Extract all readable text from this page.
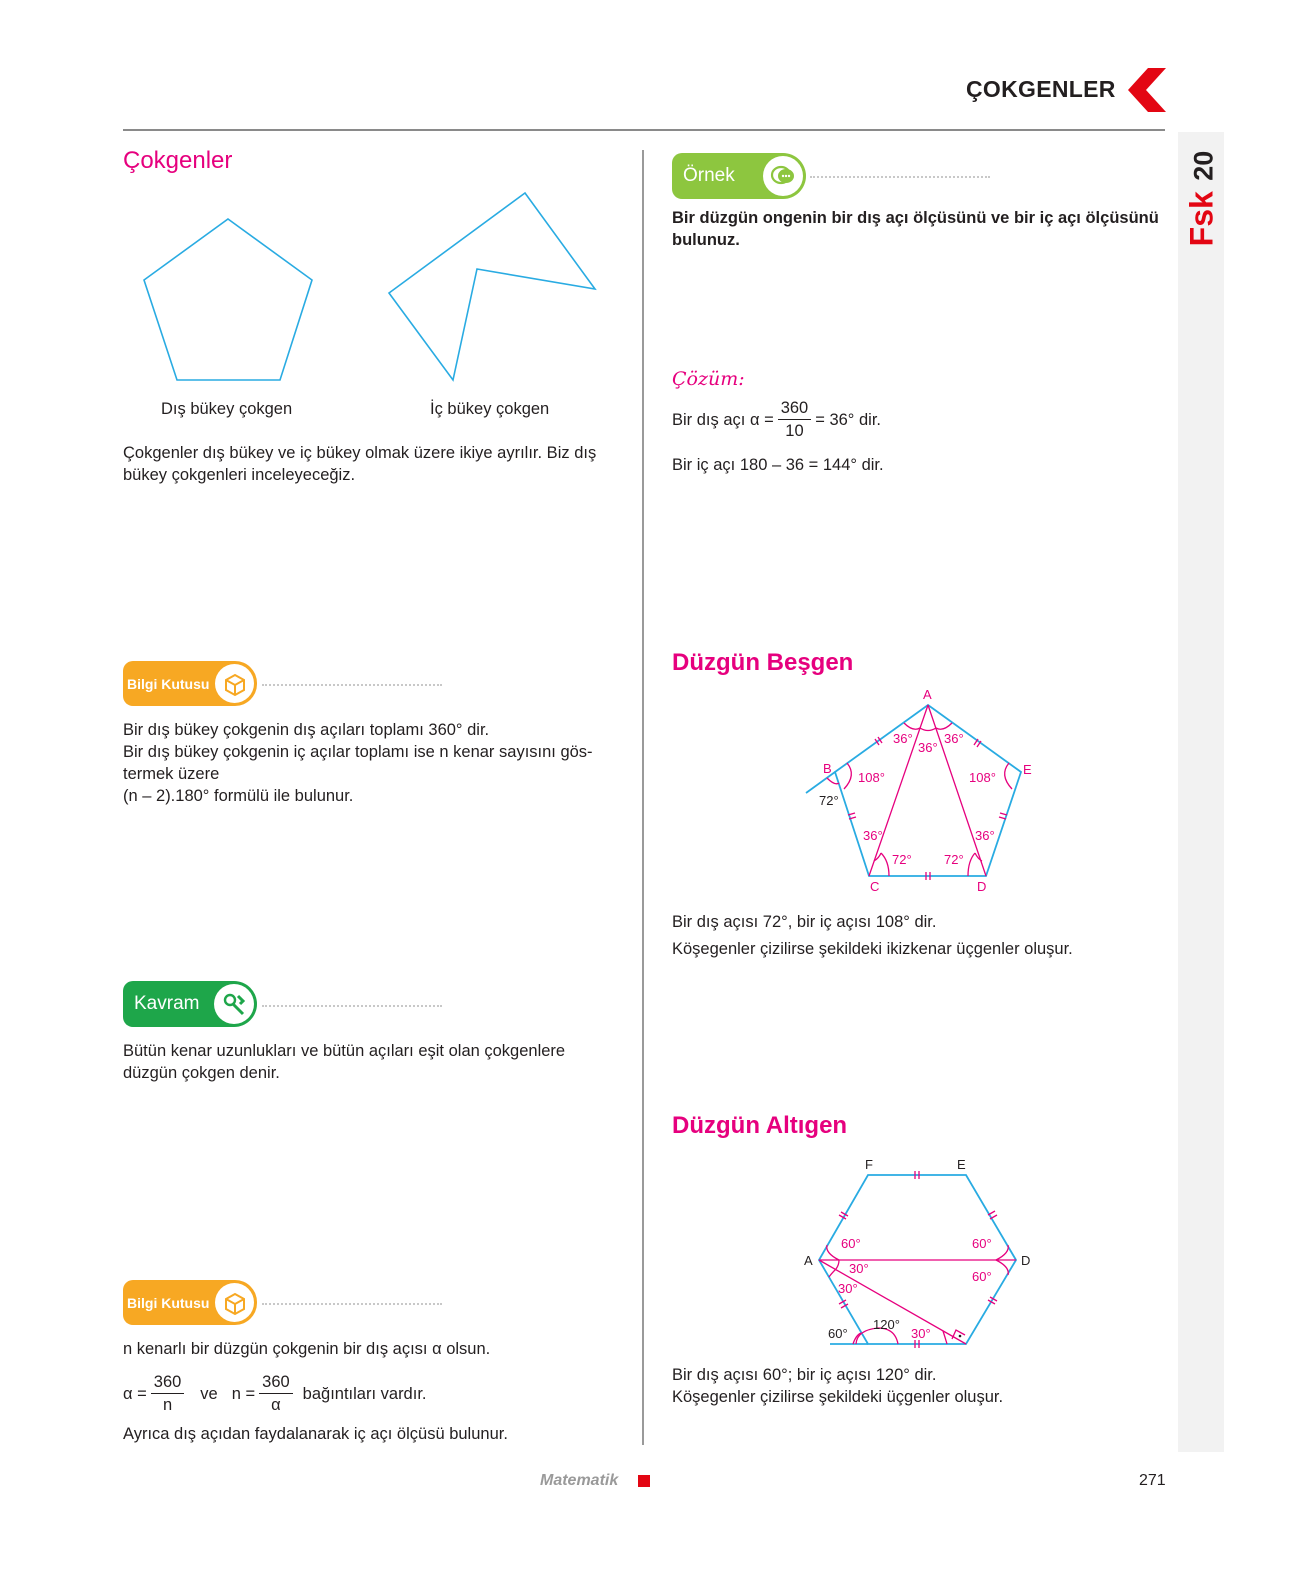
ÇOKGENLER
Fsk 20
Çokgenler
Dış bükey çokgen	İç bükey çokgen
Çokgenler dış bükey ve iç bükey olmak üzere ikiye ayrılır. Biz dış bükey çokgenleri inceleyeceğiz.
Bilgi Kutusu
Bir dış bükey çokgenin dış açıları toplamı 360° dir.
Bir dış bükey çokgenin iç açılar toplamı ise n kenar sayısını gös-
termek üzere
(n – 2).180° formülü ile bulunur.
Kavram
Bütün kenar uzunlukları ve bütün açıları eşit olan çokgenlere düzgün çokgen denir.
Bilgi Kutusu
n kenarlı bir düzgün çokgenin bir dış açısı α olsun.
$\alpha = \frac{360}{n}$ ve $n = \frac{360}{\alpha}$ bağıntıları vardır.
Ayrıca dış açıdan faydalanarak iç açı ölçüsü bulunur.
Örnek
Bir düzgün ongenin bir dış açı ölçüsünü ve bir iç açı ölçüsünü bulunuz.
Çözüm:
Bir dış açı $\alpha = \frac{360}{10} = 36^\circ$ dir.
Bir iç açı 180 – 36 = 144° dir.
Düzgün Beşgen
A
B
C	D
E
36°
36°
36°
108°	108°
72°
36°
72° 72°
36°
Bir dış açısı 72°, bir iç açısı 108° dir.
Köşegenler çizilirse şekildeki ikizkenar üçgenler oluşur.
Düzgün Altıgen
F	E
A	D
60°	60°
30°
60°
30°
120°
60°	30°
Bir dış açısı 60°; bir iç açısı 120° dir.
Köşegenler çizilirse şekildeki üçgenler oluşur.
Matematik	271
